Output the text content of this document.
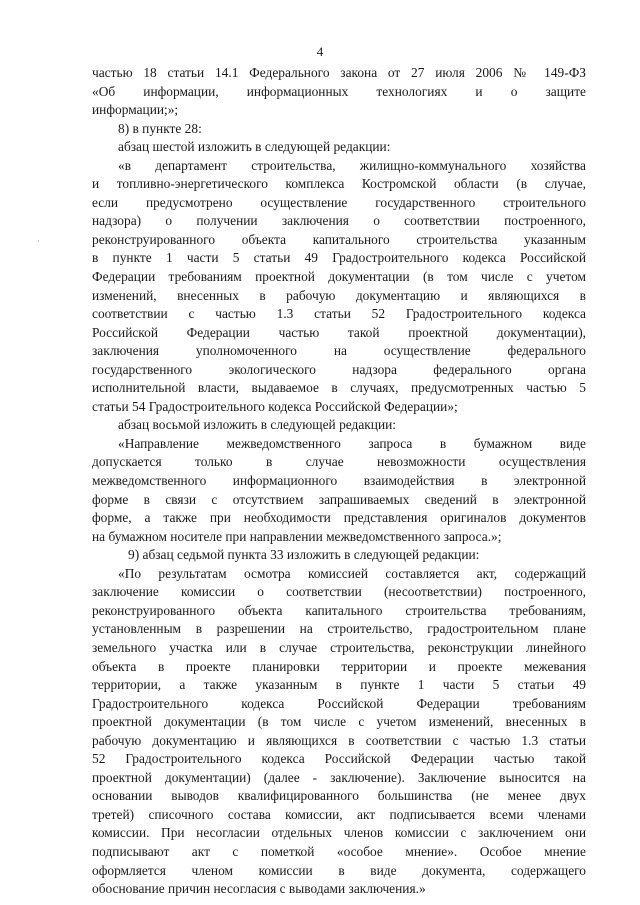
4
частью 18 статьи 14.1 Федерального закона от 27 июля 2006 № 149-ФЗ
«Об информации, информационных технологиях и о защите
информации;»;
8) в пункте 28:
абзац шестой изложить в следующей редакции:
«в департамент строительства, жилищно-коммунального хозяйства
и топливно-энергетического комплекса Костромской области (в случае,
если предусмотрено осуществление государственного строительного
надзора) о получении заключения о соответствии построенного,
реконструированного объекта капитального строительства указанным
в пункте 1 части 5 статьи 49 Градостроительного кодекса Российской
Федерации требованиям проектной документации (в том числе с учетом
изменений, внесенных в рабочую документацию и являющихся в
соответствии с частью 1.3 статьи 52 Градостроительного кодекса
Российской Федерации частью такой проектной документации),
заключения уполномоченного на осуществление федерального
государственного экологического надзора федерального органа
исполнительной власти, выдаваемое в случаях, предусмотренных частью 5
статьи 54 Градостроительного кодекса Российской Федерации»;
абзац восьмой изложить в следующей редакции:
«Направление межведомственного запроса в бумажном виде
допускается только в случае невозможности осуществления
межведомственного информационного взаимодействия в электронной
форме в связи с отсутствием запрашиваемых сведений в электронной
форме, а также при необходимости представления оригиналов документов
на бумажном носителе при направлении межведомственного запроса.»;
9) абзац седьмой пункта 33 изложить в следующей редакции:
«По результатам осмотра комиссией составляется акт, содержащий
заключение комиссии о соответствии (несоответствии) построенного,
реконструированного объекта капитального строительства требованиям,
установленным в разрешении на строительство, градостроительном плане
земельного участка или в случае строительства, реконструкции линейного
объекта в проекте планировки территории и проекте межевания
территории, а также указанным в пункте 1 части 5 статьи 49
Градостроительного кодекса Российской Федерации требованиям
проектной документации (в том числе с учетом изменений, внесенных в
рабочую документацию и являющихся в соответствии с частью 1.3 статьи
52 Градостроительного кодекса Российской Федерации частью такой
проектной документации) (далее - заключение). Заключение выносится на
основании выводов квалифицированного большинства (не менее двух
третей) списочного состава комиссии, акт подписывается всеми членами
комиссии. При несогласии отдельных членов комиссии с заключением они
подписывают акт с пометкой «особое мнение». Особое мнение
оформляется членом комиссии в виде документа, содержащего
обоснование причин несогласия с выводами заключения.»
